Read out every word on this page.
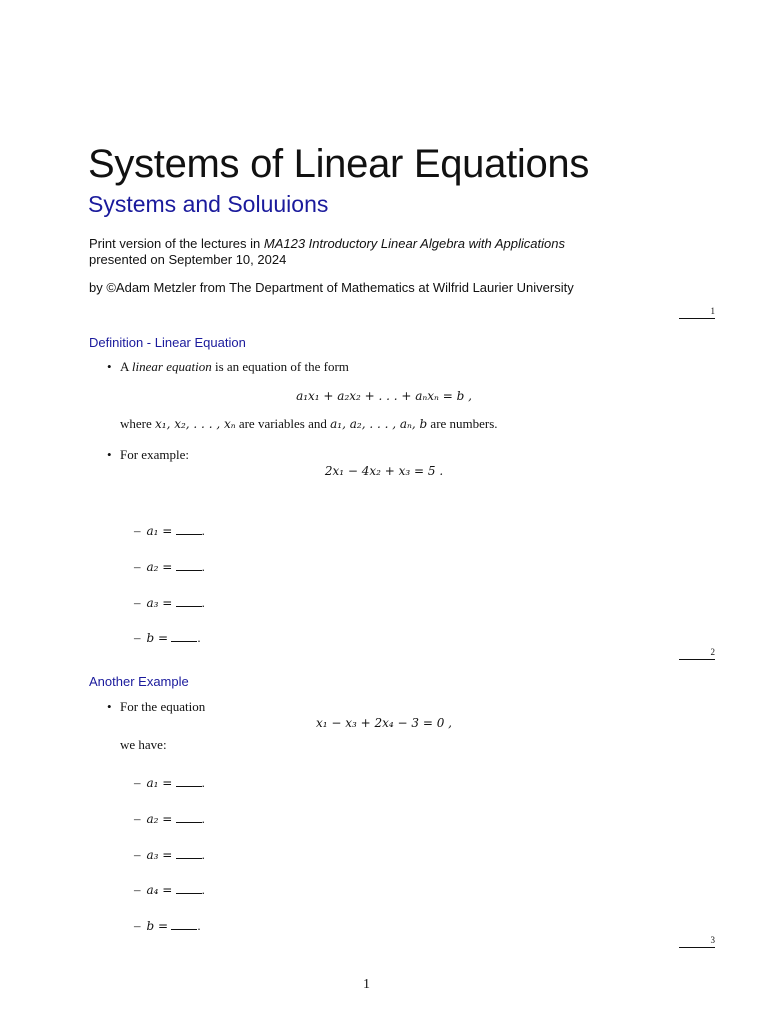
Systems of Linear Equations
Systems and Soluuions
Print version of the lectures in MA123 Introductory Linear Algebra with Applications
presented on September 10, 2024
by ©Adam Metzler from The Department of Mathematics at Wilfrid Laurier University
1
2
3
Definition - Linear Equation
• A linear equation is an equation of the form
a₁x₁ + a₂x₂ + . . . + aₙxₙ = b ,
where x₁, x₂, . . . , xₙ are variables and a₁, a₂, . . . , aₙ, b are numbers.
• For example:
2x₁ − 4x₂ + x₃ = 5 .
– a₁ = .
– a₂ = .
– a₃ = .
– b = .
Another Example
• For the equation
x₁ − x₃ + 2x₄ − 3 = 0 ,
we have:
– a₁ = .
– a₂ = .
– a₃ = .
– a₄ = .
– b = .
1
